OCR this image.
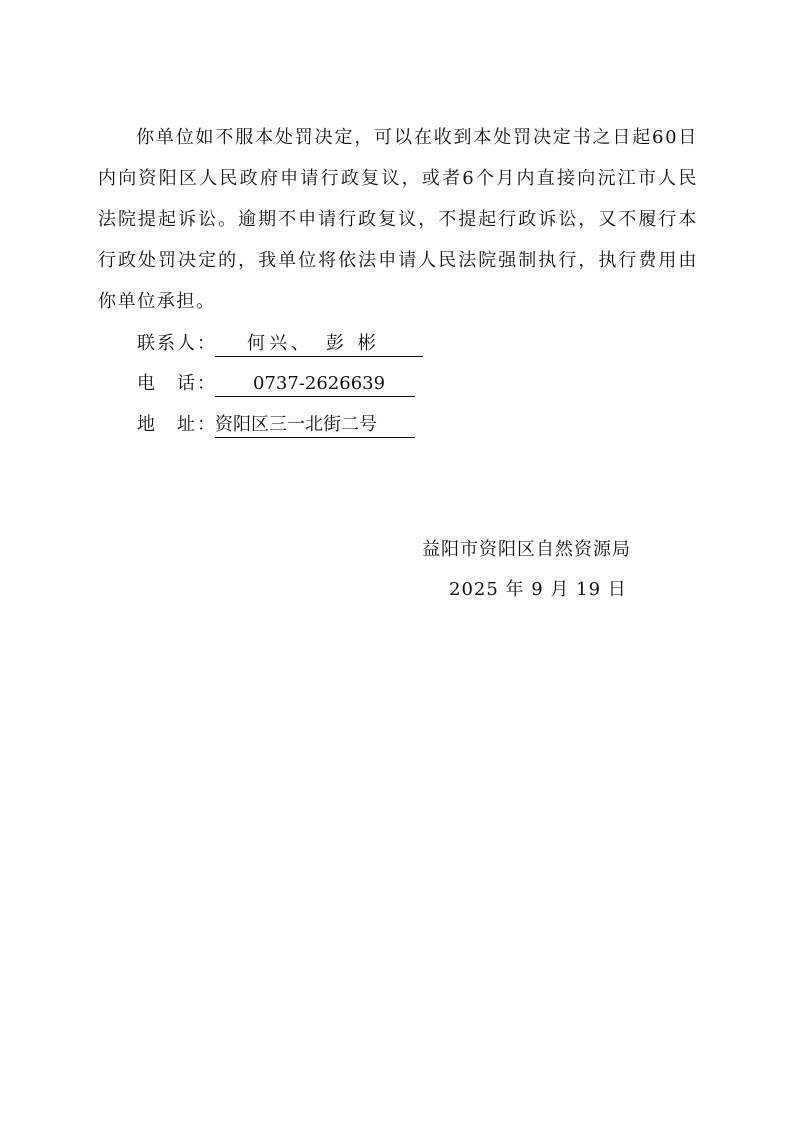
你单位如不服本处罚决定，可以在收到本处罚决定书之日起60日内向资阳区人民政府申请行政复议，或者6个月内直接向沅江市人民法院提起诉讼。逾期不申请行政复议，不提起行政诉讼，又不履行本行政处罚决定的，我单位将依法申请人民法院强制执行，执行费用由你单位承担。

联系人： 何兴、　彭 彬
电　话： 0737-2626639
地　址：资阳区三一北街二号
益阳市资阳区自然资源局
2025 年 9 月 19 日
